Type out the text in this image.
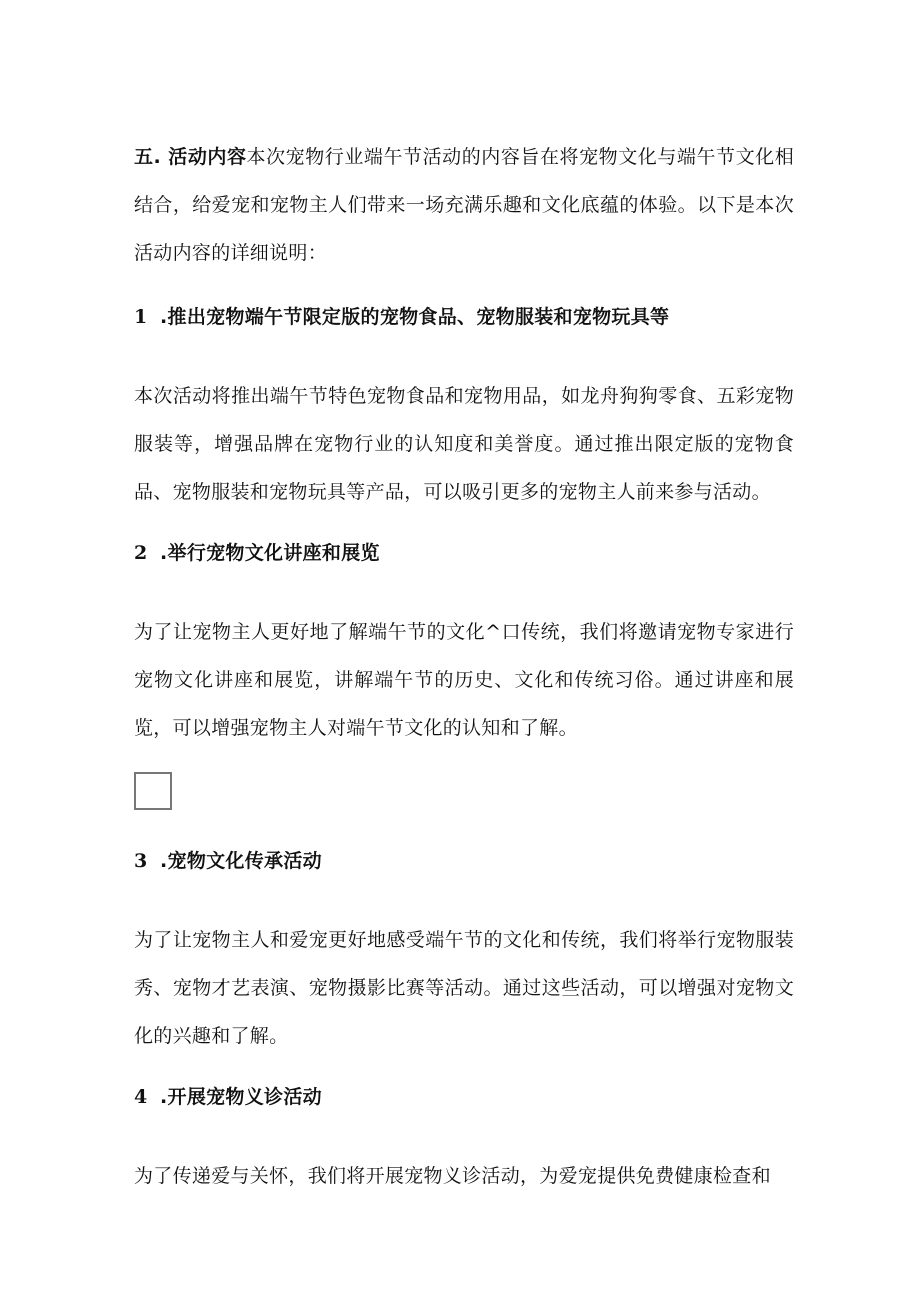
五. 活动内容本次宠物行业端午节活动的内容旨在将宠物文化与端午节文化相结合，给爱宠和宠物主人们带来一场充满乐趣和文化底蕴的体验。以下是本次活动内容的详细说明：

1 .推出宠物端午节限定版的宠物食品、宠物服装和宠物玩具等

本次活动将推出端午节特色宠物食品和宠物用品，如龙舟狗狗零食、五彩宠物服装等，增强品牌在宠物行业的认知度和美誉度。通过推出限定版的宠物食品、宠物服装和宠物玩具等产品，可以吸引更多的宠物主人前来参与活动。

2 .举行宠物文化讲座和展览

为了让宠物主人更好地了解端午节的文化^口传统，我们将邀请宠物专家进行宠物文化讲座和展览，讲解端午节的历史、文化和传统习俗。通过讲座和展览，可以增强宠物主人对端午节文化的认知和了解。

3 .宠物文化传承活动

为了让宠物主人和爱宠更好地感受端午节的文化和传统，我们将举行宠物服装秀、宠物才艺表演、宠物摄影比赛等活动。通过这些活动，可以增强对宠物文化的兴趣和了解。

4 .开展宠物义诊活动

为了传递爱与关怀，我们将开展宠物义诊活动，为爱宠提供免费健康检查和
